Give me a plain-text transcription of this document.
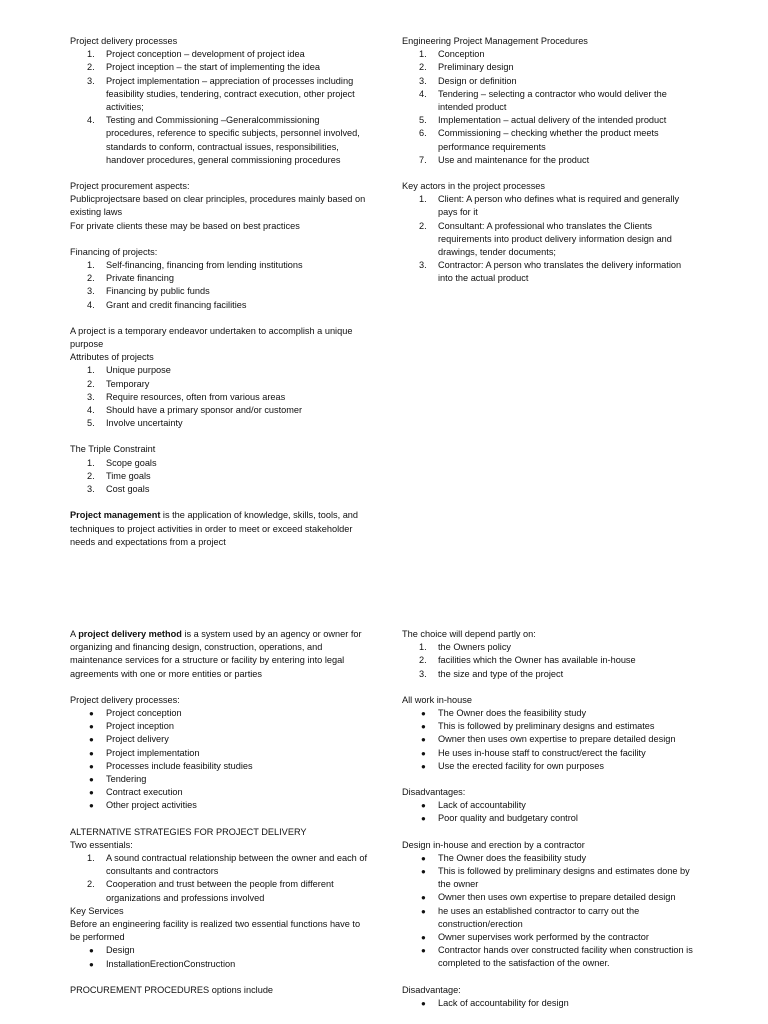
Project delivery processes

1.	Project conception – development of project idea
2.	Project inception – the start of implementing the idea
3.	Project implementation – appreciation of processes including feasibility studies, tendering, contract execution, other project activities;
4.	Testing and Commissioning –Generalcommissioning procedures, reference to specific subjects, personnel involved, standards to conform, contractual issues, responsibilities, handover procedures, general commissioning procedures

Project procurement aspects:

Publicprojectsare based on clear principles, procedures mainly based on existing laws

For private clients these may be based on best practices

Financing of projects:

1.	Self-financing, financing from lending institutions
2.	Private financing
3.	Financing by public funds
4.	Grant and credit financing facilities

A project is a temporary endeavor undertaken to accomplish a unique purpose

Attributes of projects

1.	Unique purpose
2.	Temporary
3.	Require resources, often from various areas
4.	Should have a primary sponsor and/or customer
5.	Involve uncertainty

The Triple Constraint

1.	Scope goals
2.	Time goals
3.	Cost goals

Project management is the application of knowledge, skills, tools, and techniques to project activities in order to meet or exceed stakeholder needs and expectations from a project

Engineering Project Management Procedures

1.	Conception
2.	Preliminary design
3.	Design or definition
4.	Tendering – selecting a contractor who would deliver the intended product
5.	Implementation – actual delivery of the intended product
6.	Commissioning – checking whether the product meets performance requirements
7.	Use and maintenance for the product

Key actors in the project processes

1.	Client: A person who defines what is required and generally pays for it
2.	Consultant: A professional who translates the Clients requirements into product delivery information design and drawings, tender documents;
3.	Contractor: A person who translates the delivery information into the actual product

A project delivery method is a system used by an agency or owner for organizing and financing design, construction, operations, and maintenance services for a structure or facility by entering into legal agreements with one or more entities or parties

Project delivery processes:

●	Project conception
●	Project inception
●	Project delivery
●	Project implementation
●	Processes include feasibility studies
●	Tendering
●	Contract execution
●	Other project activities

ALTERNATIVE STRATEGIES FOR PROJECT DELIVERY

Two essentials:

1.	A sound contractual relationship between the owner and each of consultants and contractors
2.	Cooperation and trust between the people from different organizations and professions involved

Key Services

Before an engineering facility is realized two essential functions have to be performed

●	Design
●	InstallationErectionConstruction

PROCUREMENT PROCEDURES options include

The choice will depend partly on:

1.	the Owners policy
2.	facilities which the Owner has available in-house
3.	the size and type of the project

All work in-house

●	The Owner does the feasibility study
●	This is followed by preliminary designs and estimates
●	Owner then uses own expertise to prepare detailed design
●	He uses in-house staff to construct/erect the facility
●	Use the erected facility for own purposes

Disadvantages:

●	Lack of accountability
●	Poor quality and budgetary control

Design in-house and erection by a contractor

●	The Owner does the feasibility study
●	This is followed by preliminary designs and estimates done by the owner
●	Owner then uses own expertise to prepare detailed design
●	he uses an established contractor to carry out the construction/erection
●	Owner supervises work performed by the contractor
●	Contractor hands over constructed facility when construction is completed to the satisfaction of the owner.

Disadvantage:

●	Lack of accountability for design
